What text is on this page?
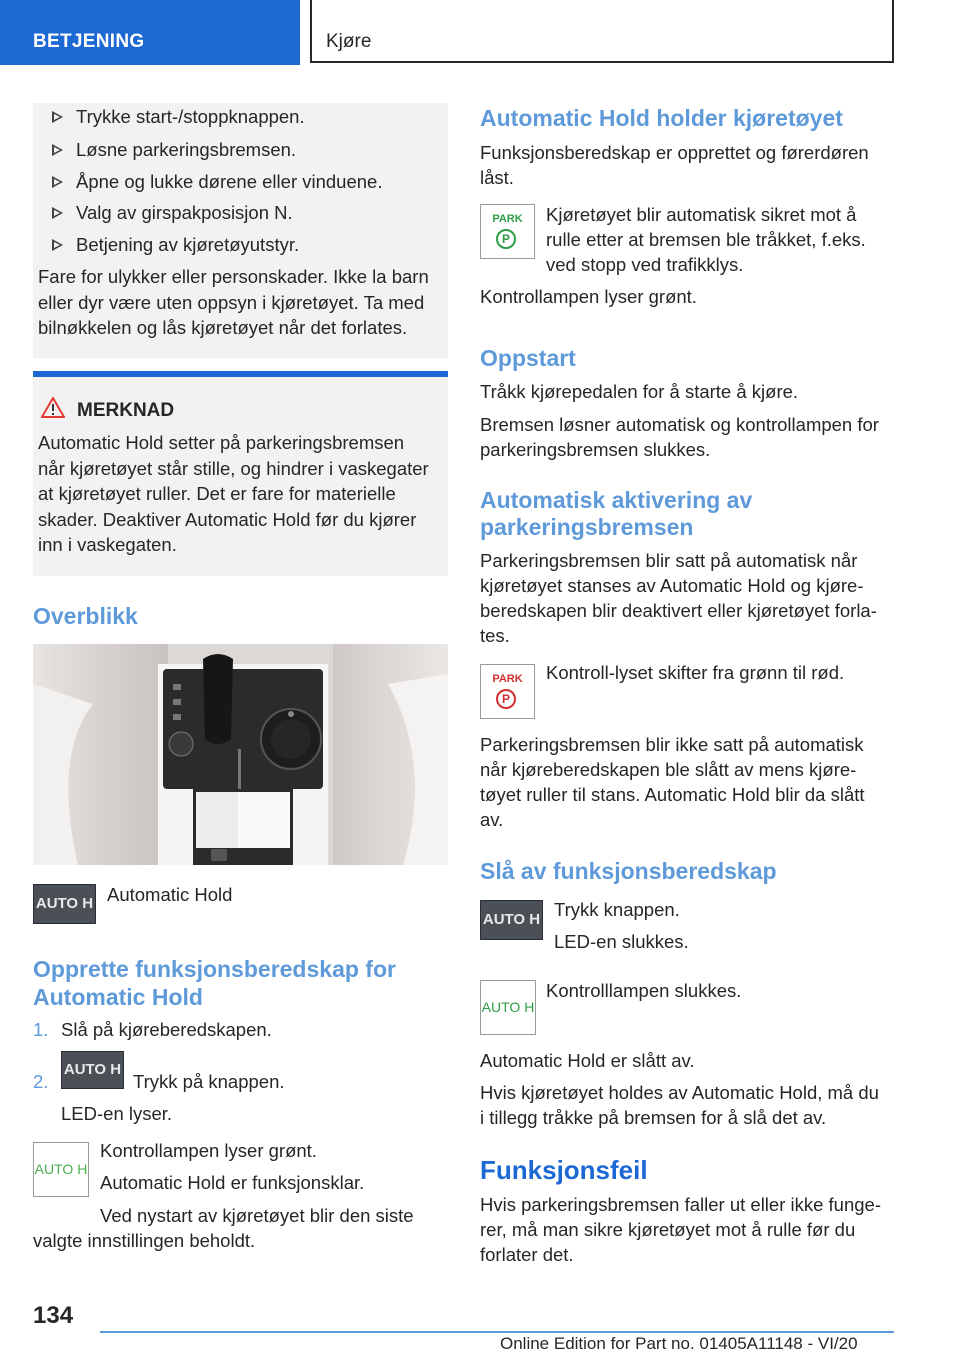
BETJENING	Kjøre
Trykke start-/stoppknappen.
Løsne parkeringsbremsen.
Åpne og lukke dørene eller vinduene.
Valg av girspakposisjon N.
Betjening av kjøretøyutstyr.
Fare for ulykker eller personskader. Ikke la barn
eller dyr være uten oppsyn i kjøretøyet. Ta med
bilnøkkelen og lås kjøretøyet når det forlates.
MERKNAD
Automatic Hold setter på parkeringsbremsen
når kjøretøyet står stille, og hindrer i vaskegater
at kjøretøyet ruller. Det er fare for materielle
skader. Deaktiver Automatic Hold før du kjører
inn i vaskegaten.
Overblikk
AUTO H Automatic Hold
Opprette funksjonsberedskap for
Automatic Hold
1. Slå på kjøreberedskapen.
2.
AUTO H
Trykk på knappen.
LED-en lyser.
AUTO H
Kontrollampen lyser grønt.
Automatic Hold er funksjonsklar.
Ved nystart av kjøretøyet blir den siste
valgte innstillingen beholdt.
Automatic Hold holder kjøretøyet
Funksjonsberedskap er opprettet og førerdøren
låst.
PARK
P
Kjøretøyet blir automatisk sikret mot å
rulle etter at bremsen ble tråkket, f.eks.
ved stopp ved trafikklys.
Kontrollampen lyser grønt.
Oppstart
Tråkk kjørepedalen for å starte å kjøre.
Bremsen løsner automatisk og kontrollampen for
parkeringsbremsen slukkes.
Automatisk aktivering av
parkeringsbremsen
Parkeringsbremsen blir satt på automatisk når
kjøretøyet stanses av Automatic Hold og kjøre-
beredskapen blir deaktivert eller kjøretøyet forla-
tes.
PARK
P
Kontroll-lyset skifter fra grønn til rød.
Parkeringsbremsen blir ikke satt på automatisk
når kjøreberedskapen ble slått av mens kjøre-
tøyet ruller til stans. Automatic Hold blir da slått
av.
Slå av funksjonsberedskap
AUTO H Trykk knappen.
LED-en slukkes.
AUTO H
Kontrolllampen slukkes.
Automatic Hold er slått av.
Hvis kjøretøyet holdes av Automatic Hold, må du
i tillegg tråkke på bremsen for å slå det av.
Funksjonsfeil
Hvis parkeringsbremsen faller ut eller ikke funge-
rer, må man sikre kjøretøyet mot å rulle før du
forlater det.
134
Online Edition for Part no. 01405A11148 - VI/20
